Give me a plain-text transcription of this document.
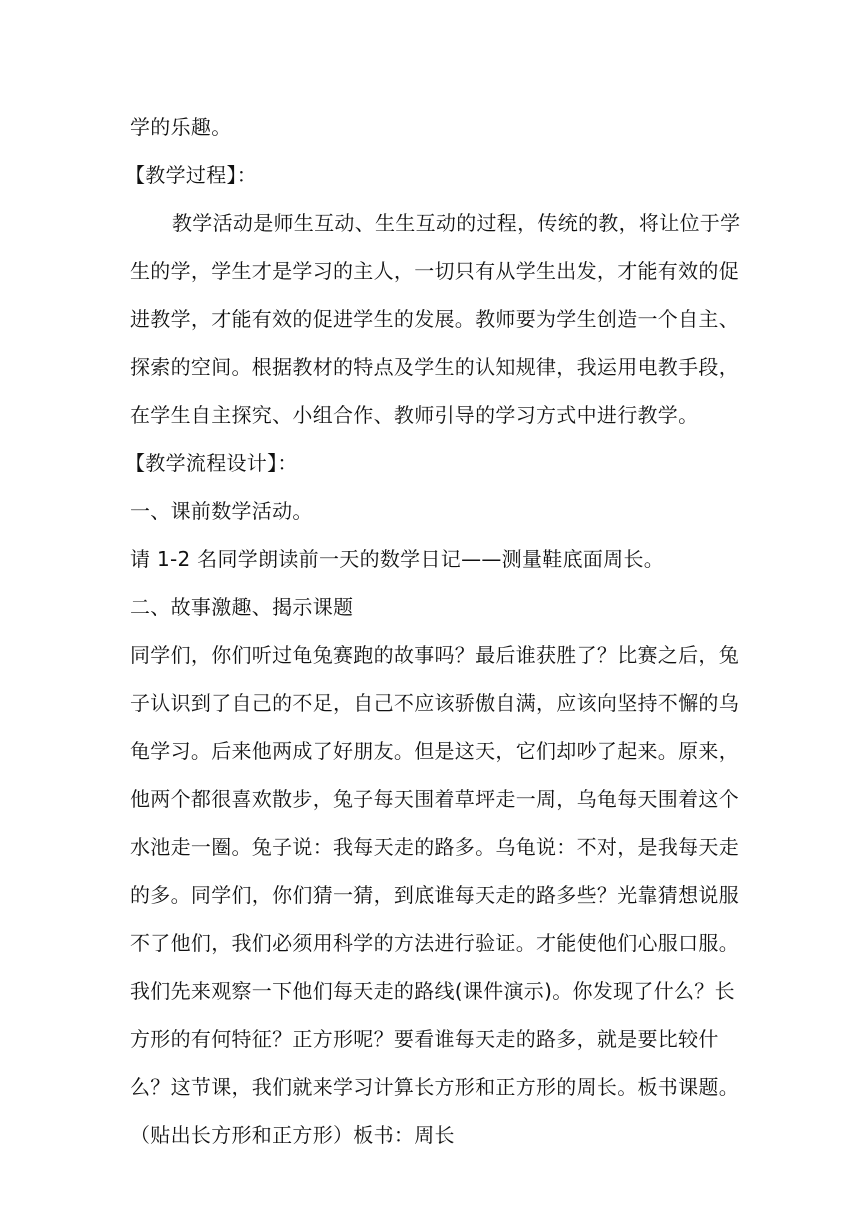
学的乐趣。
【教学过程】：
教学活动是师生互动、生生互动的过程，传统的教，将让位于学
生的学，学生才是学习的主人，一切只有从学生出发，才能有效的促
进教学，才能有效的促进学生的发展。教师要为学生创造一个自主、
探索的空间。根据教材的特点及学生的认知规律，我运用电教手段，
在学生自主探究、小组合作、教师引导的学习方式中进行教学。
【教学流程设计】：
一、课前数学活动。
请 1-2 名同学朗读前一天的数学日记——测量鞋底面周长。
二、故事激趣、揭示课题
同学们，你们听过龟兔赛跑的故事吗？最后谁获胜了？比赛之后，兔
子认识到了自己的不足，自己不应该骄傲自满，应该向坚持不懈的乌
龟学习。后来他两成了好朋友。但是这天，它们却吵了起来。原来，
他两个都很喜欢散步，兔子每天围着草坪走一周，乌龟每天围着这个
水池走一圈。兔子说：我每天走的路多。乌龟说：不对，是我每天走
的多。同学们，你们猜一猜，到底谁每天走的路多些？光靠猜想说服
不了他们，我们必须用科学的方法进行验证。才能使他们心服口服。
我们先来观察一下他们每天走的路线(课件演示)。你发现了什么？长
方形的有何特征？正方形呢？要看谁每天走的路多，就是要比较什
么？这节课，我们就来学习计算长方形和正方形的周长。板书课题。
（贴出长方形和正方形）板书：周长
